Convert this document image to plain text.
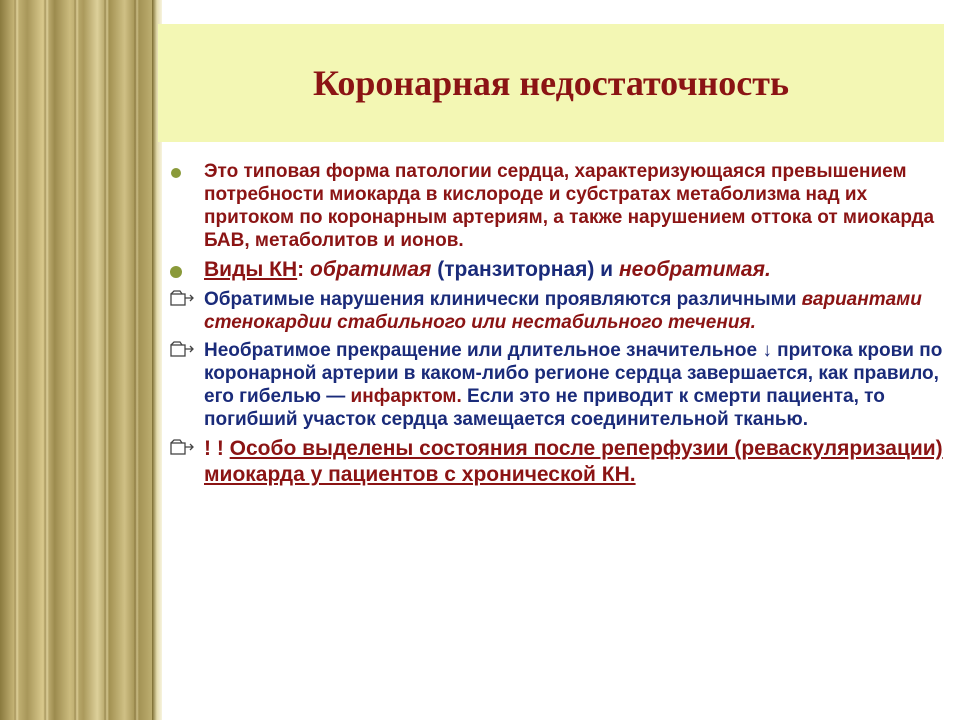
Коронарная недостаточность
Это типовая форма патологии сердца, характеризующаяся превышением потребности миокарда в кислороде и субстратах метаболизма над их притоком по коронарным артериям, а также нарушением оттока от миокарда БАВ, метаболитов и ионов.
Виды КН: обратимая (транзиторная) и необратимая.
Обратимые нарушения клинически проявляются различными вариантами стенокардии стабильного или нестабильного течения.
Необратимое прекращение или длительное значительное ↓ притока крови по коронарной артерии в каком-либо регионе сердца завершается, как правило, его гибелью — инфарктом. Если это не приводит к смерти пациента, то погибший участок сердца замещается соединительной тканью.
! ! Особо выделены состояния после реперфузии (реваскуляризации) миокарда у пациентов с хронической КН.
